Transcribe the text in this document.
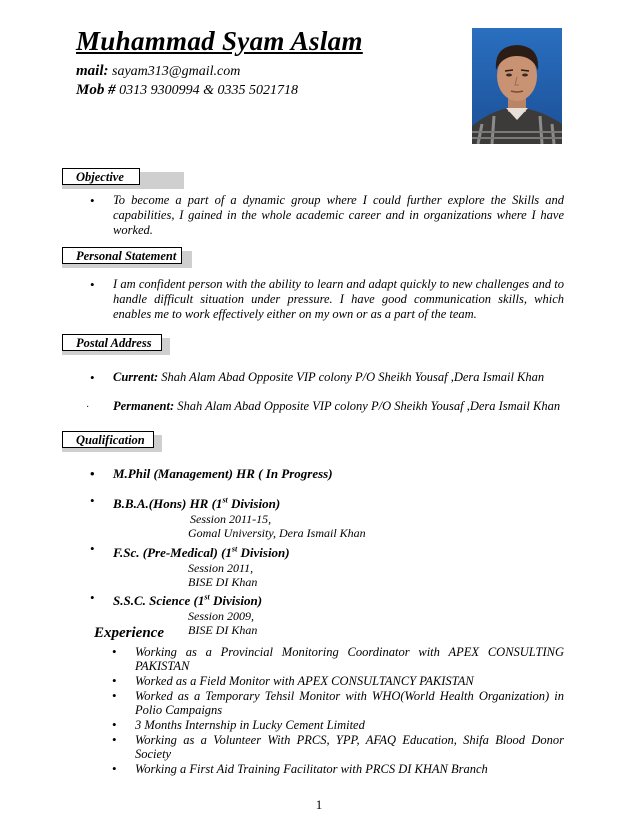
Muhammad Syam Aslam
mail: sayam313@gmail.com
Mob # 0313 9300994 & 0335 5021718
Objective
• To become a part of a dynamic group where I could further explore the Skills and capabilities, I gained in the whole academic career and in organizations where I have worked.
Personal Statement
• I am confident person with the ability to learn and adapt quickly to new challenges and to handle difficult situation under pressure. I have good communication skills, which enables me to work effectively either on my own or as a part of the team.
Postal Address
• Current: Shah Alam Abad Opposite VIP colony P/O Sheikh Yousaf ,Dera Ismail Khan
· Permanent: Shah Alam Abad Opposite VIP colony P/O Sheikh Yousaf ,Dera Ismail Khan
Qualification
• M.Phil (Management) HR ( In Progress)
• B.B.A.(Hons) HR (1st Division)
Session 2011-15,
Gomal University, Dera Ismail Khan
• F.Sc. (Pre-Medical) (1st Division)
Session 2011,
BISE DI Khan
• S.S.C. Science (1st Division)
Session 2009,
BISE DI Khan
Experience
• Working as a Provincial Monitoring Coordinator with APEX CONSULTING PAKISTAN
• Worked as a Field Monitor with APEX CONSULTANCY PAKISTAN
• Worked as a Temporary Tehsil Monitor with WHO(World Health Organization) in Polio Campaigns
• 3 Months Internship in Lucky Cement Limited
• Working as a Volunteer With PRCS, YPP, AFAQ Education, Shifa Blood Donor Society
• Working a First Aid Training Facilitator with PRCS DI KHAN Branch
1
